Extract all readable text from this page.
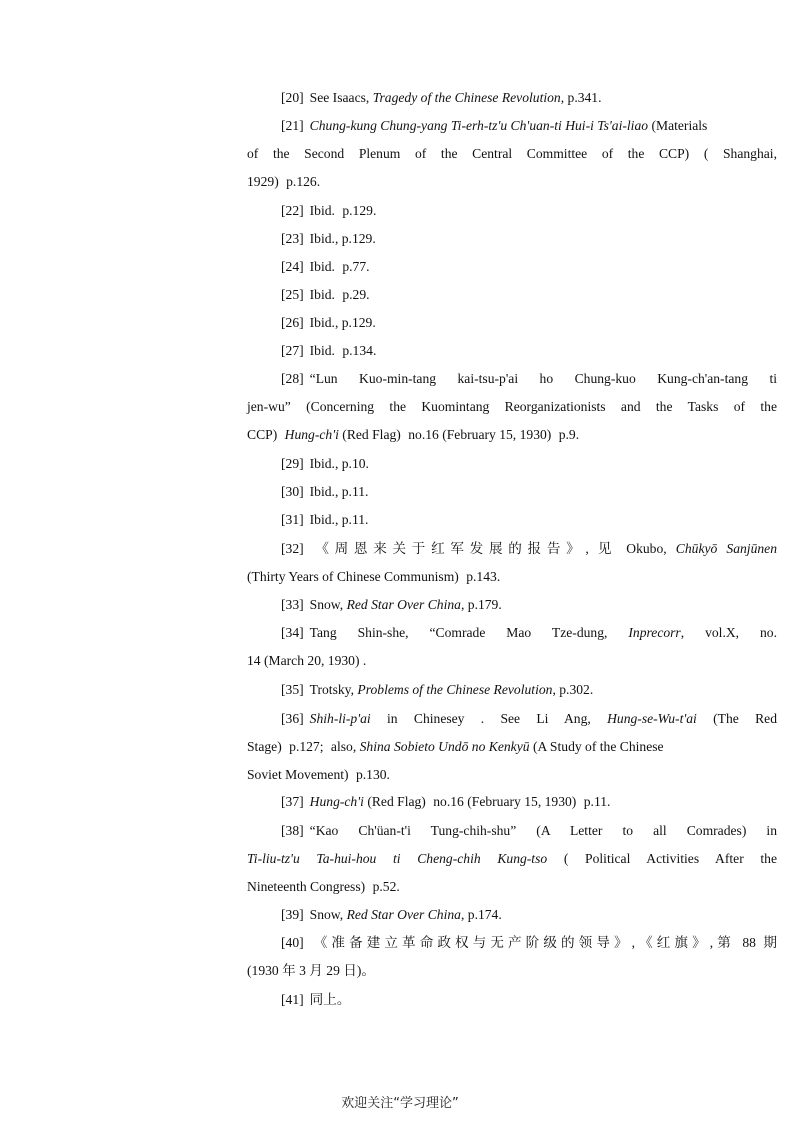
[20] See Isaacs, Tragedy of the Chinese Revolution, p.341.
[21] Chung-kung Chung-yang Ti-erh-tz'u Ch'uan-ti Hui-i Ts'ai-liao (Materials
of the Second Plenum of the Central Committee of the CCP) ( Shanghai,
1929) p.126.
[22] Ibid. p.129.
[23] Ibid., p.129.
[24] Ibid. p.77.
[25] Ibid. p.29.
[26] Ibid., p.129.
[27] Ibid. p.134.
[28] “Lun Kuo-min-tang kai-tsu-p'ai ho Chung-kuo Kung-ch'an-tang ti
jen-wu” (Concerning the Kuomintang Reorganizationists and the Tasks of the
CCP) Hung-ch'i (Red Flag) no.16 (February 15, 1930) p.9.
[29] Ibid., p.10.
[30] Ibid., p.11.
[31] Ibid., p.11.
[32] 《周恩来关于红军发展的报告》, 见 Okubo, Chūkyō Sanjūnen
(Thirty Years of Chinese Communism) p.143.
[33] Snow, Red Star Over China, p.179.
[34] Tang Shin-she, “Comrade Mao Tze-dung, Inprecorr, vol.X, no.
14 (March 20, 1930) .
[35] Trotsky, Problems of the Chinese Revolution, p.302.
[36] Shih-li-p'ai in Chinesey . See Li Ang, Hung-se-Wu-t'ai (The Red
Stage) p.127; also, Shina Sobieto Undō no Kenkyū (A Study of the Chinese
Soviet Movement) p.130.
[37] Hung-ch'i (Red Flag) no.16 (February 15, 1930) p.11.
[38] “Kao Ch'üan-t'i Tung-chih-shu” (A Letter to all Comrades) in
Ti-liu-tz'u Ta-hui-hou ti Cheng-chih Kung-tso ( Political Activities After the
Nineteenth Congress) p.52.
[39] Snow, Red Star Over China, p.174.
[40] 《准备建立革命政权与无产阶级的领导》,《红旗》,第 88 期
(1930 年 3 月 29 日)。
[41] 同上。
欢迎关注“学习理论”
